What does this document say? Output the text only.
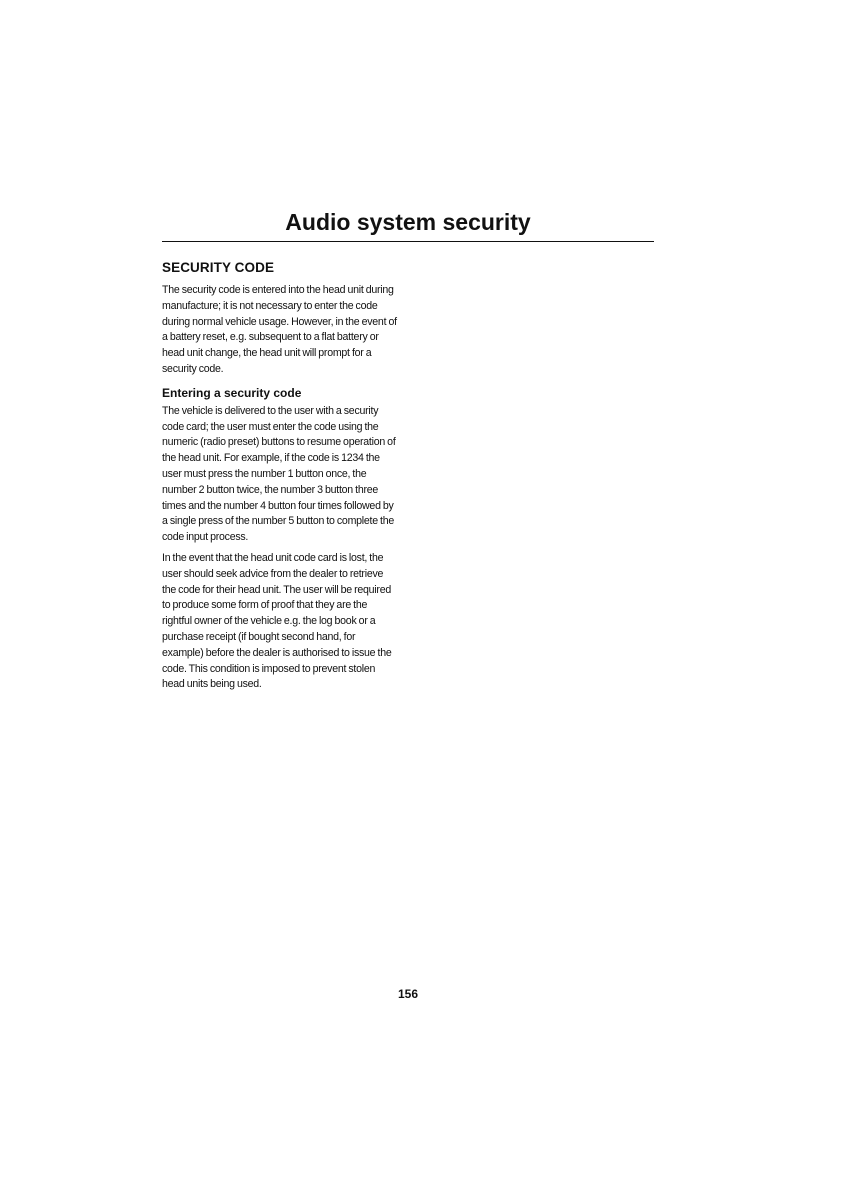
Audio system security
SECURITY CODE

The security code is entered into the head unit during manufacture; it is not necessary to enter the code during normal vehicle usage. However, in the event of a battery reset, e.g. subsequent to a flat battery or head unit change, the head unit will prompt for a security code.

Entering a security code

The vehicle is delivered to the user with a security code card; the user must enter the code using the numeric (radio preset) buttons to resume operation of the head unit. For example, if the code is 1234 the user must press the number 1 button once, the number 2 button twice, the number 3 button three times and the number 4 button four times followed by a single press of the number 5 button to complete the code input process.

In the event that the head unit code card is lost, the user should seek advice from the dealer to retrieve the code for their head unit. The user will be required to produce some form of proof that they are the rightful owner of the vehicle e.g. the log book or a purchase receipt (if bought second hand, for example) before the dealer is authorised to issue the code. This condition is imposed to prevent stolen head units being used.

156
